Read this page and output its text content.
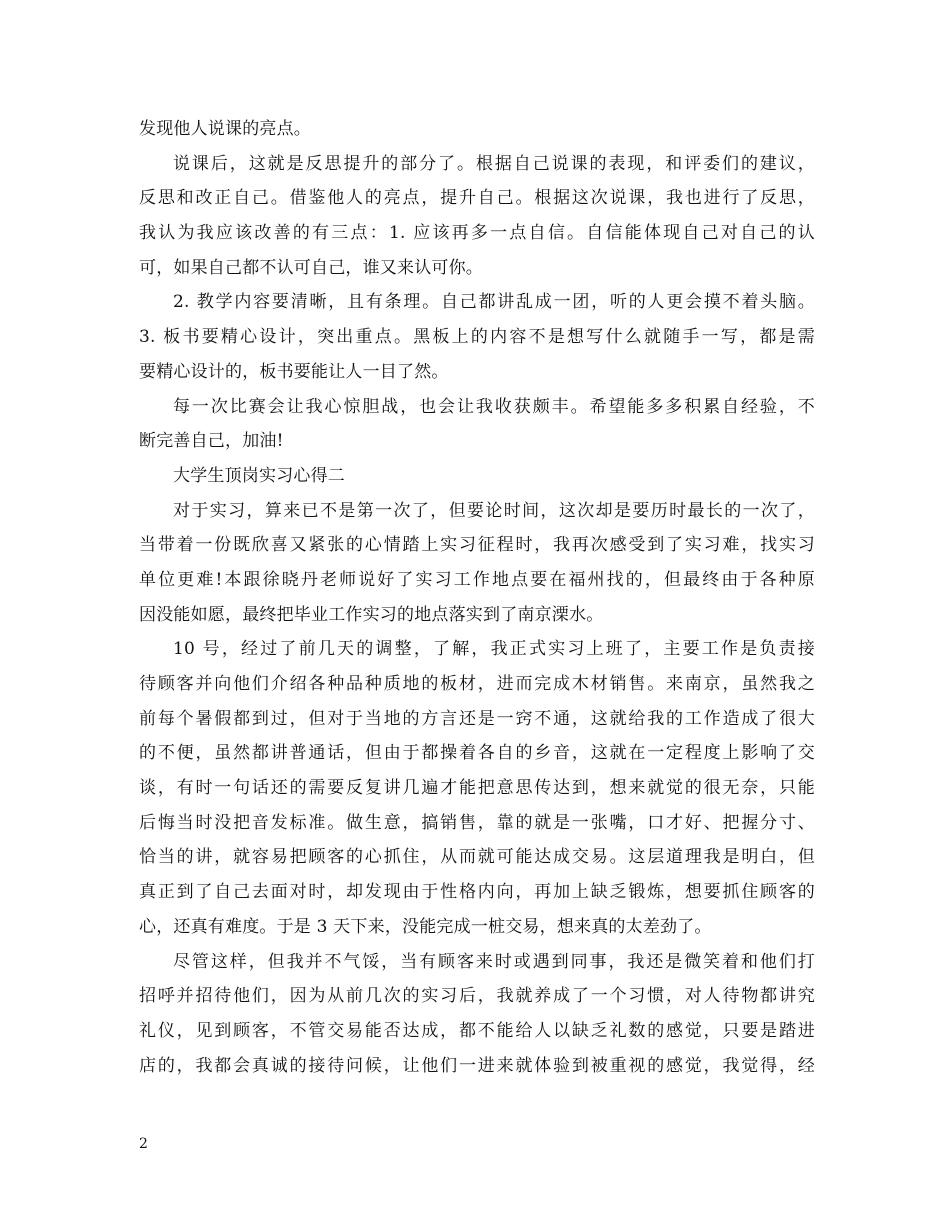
发现他人说课的亮点。
说课后，这就是反思提升的部分了。根据自己说课的表现，和评委们的建议，
反思和改正自己。借鉴他人的亮点，提升自己。根据这次说课，我也进行了反思，
我认为我应该改善的有三点：1. 应该再多一点自信。自信能体现自己对自己的认
可，如果自己都不认可自己，谁又来认可你。
2. 教学内容要清晰，且有条理。自己都讲乱成一团，听的人更会摸不着头脑。
3. 板书要精心设计，突出重点。黑板上的内容不是想写什么就随手一写，都是需
要精心设计的，板书要能让人一目了然。
每一次比赛会让我心惊胆战，也会让我收获颇丰。希望能多多积累自经验，不
断完善自己，加油!
大学生顶岗实习心得二
对于实习，算来已不是第一次了，但要论时间，这次却是要历时最长的一次了，
当带着一份既欣喜又紧张的心情踏上实习征程时，我再次感受到了实习难，找实习
单位更难!本跟徐晓丹老师说好了实习工作地点要在福州找的，但最终由于各种原
因没能如愿，最终把毕业工作实习的地点落实到了南京溧水。
10 号，经过了前几天的调整，了解，我正式实习上班了，主要工作是负责接
待顾客并向他们介绍各种品种质地的板材，进而完成木材销售。来南京，虽然我之
前每个暑假都到过，但对于当地的方言还是一窍不通，这就给我的工作造成了很大
的不便，虽然都讲普通话，但由于都操着各自的乡音，这就在一定程度上影响了交
谈，有时一句话还的需要反复讲几遍才能把意思传达到，想来就觉的很无奈，只能
后悔当时没把音发标准。做生意，搞销售，靠的就是一张嘴，口才好、把握分寸、
恰当的讲，就容易把顾客的心抓住，从而就可能达成交易。这层道理我是明白，但
真正到了自己去面对时，却发现由于性格内向，再加上缺乏锻炼，想要抓住顾客的
心，还真有难度。于是 3 天下来，没能完成一桩交易，想来真的太差劲了。
尽管这样，但我并不气馁，当有顾客来时或遇到同事，我还是微笑着和他们打
招呼并招待他们，因为从前几次的实习后，我就养成了一个习惯，对人待物都讲究
礼仪，见到顾客，不管交易能否达成，都不能给人以缺乏礼数的感觉，只要是踏进
店的，我都会真诚的接待问候，让他们一进来就体验到被重视的感觉，我觉得，经
2
